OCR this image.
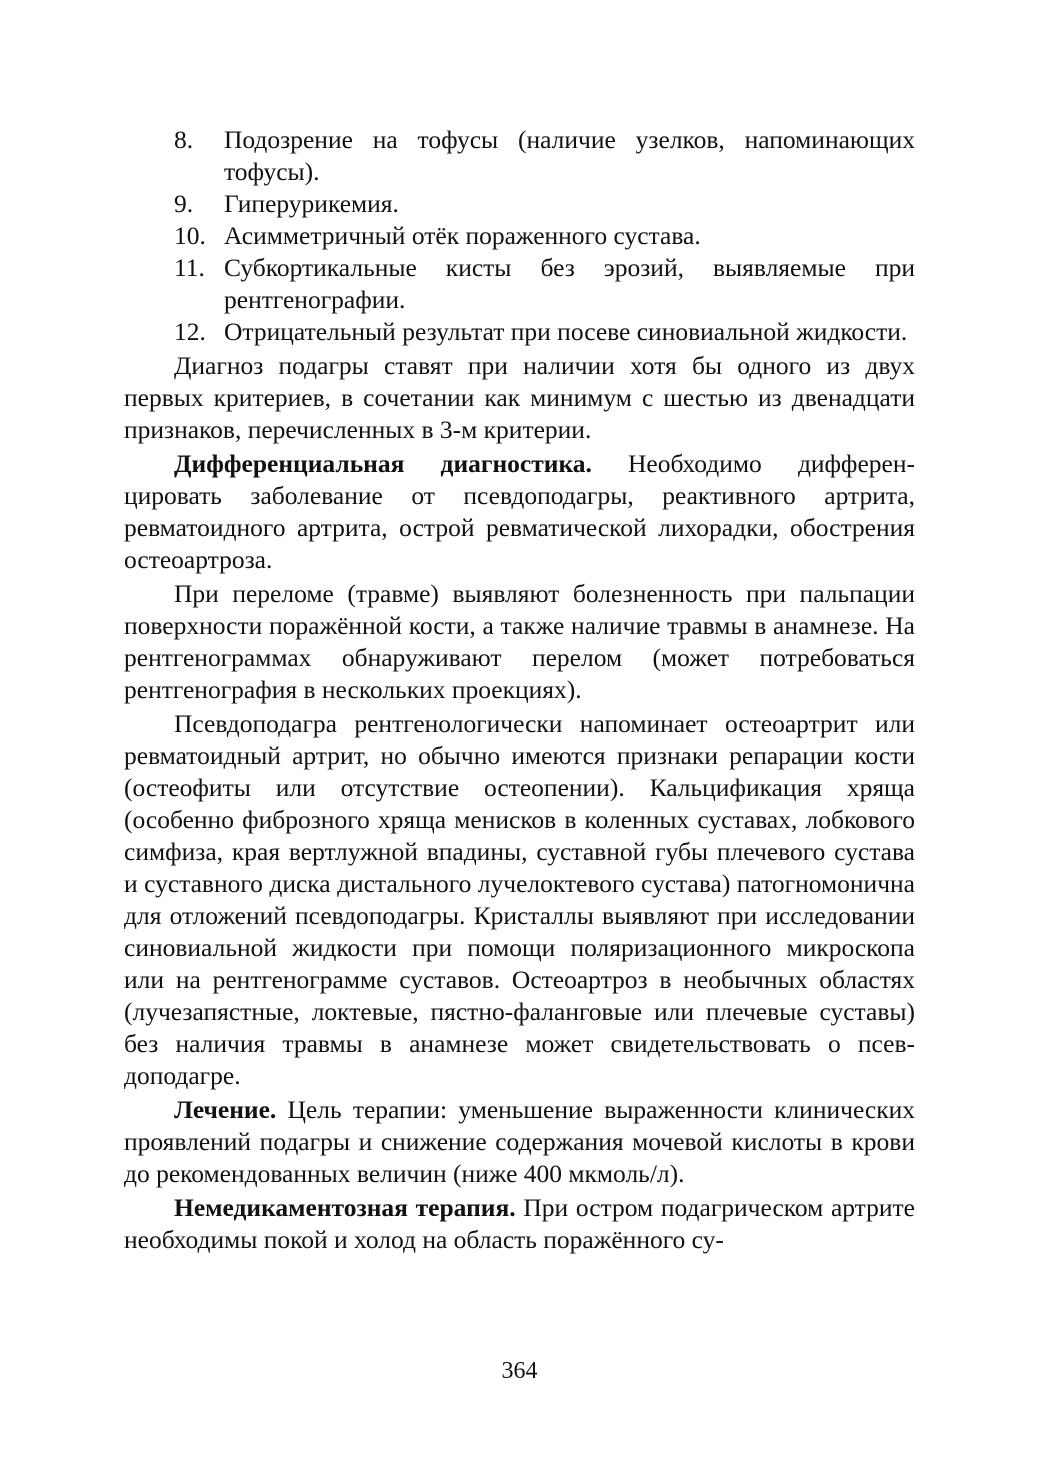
8. Подозрение на тофусы (наличие узелков, напоминающих тофусы).
9. Гиперурикемия.
10. Асимметричный отёк пораженного сустава.
11. Субкортикальные кисты без эрозий, выявляемые при рентгенографии.
12. Отрицательный результат при посеве синовиальной жидкости.

Диагноз подагры ставят при наличии хотя бы одного из двух первых критериев, в сочетании как минимум с шестью из двенадцати признаков, перечисленных в 3-м критерии.

Дифференциальная диагностика. Необходимо дифференцировать заболевание от псевдоподагры, реактивного артрита, ревматоидного артрита, острой ревматической лихорадки, обострения остеоартроза.

При переломе (травме) выявляют болезненность при пальпации поверхности поражённой кости, а также наличие травмы в анамнезе. На рентгенограммах обнаруживают перелом (может потребоваться рентгенография в нескольких проекциях).

Псевдоподагра рентгенологически напоминает остеоартрит или ревматоидный артрит, но обычно имеются признаки репарации кости (остеофиты или отсутствие остеопении). Кальцификация хряща (особенно фиброзного хряща менисков в коленных суставах, лобкового симфиза, края вертлужной впадины, суставной губы плечевого сустава и суставного диска дистального лучелоктевого сустава) патогномонична для отложений псевдоподагры. Кристаллы выявляют при исследовании синовиальной жидкости при помощи поляризационного микроскопа или на рентгенограмме суставов. Остеоартроз в необычных областях (лучезапястные, локтевые, пястно-фаланговые или плечевые суставы) без наличия травмы в анамнезе может свидетельствовать о псевдоподагре.

Лечение. Цель терапии: уменьшение выраженности клинических проявлений подагры и снижение содержания мочевой кислоты в крови до рекомендованных величин (ниже 400 мкмоль/л).

Немедикаментозная терапия. При остром подагрическом артрите необходимы покой и холод на область поражённого су-

364
